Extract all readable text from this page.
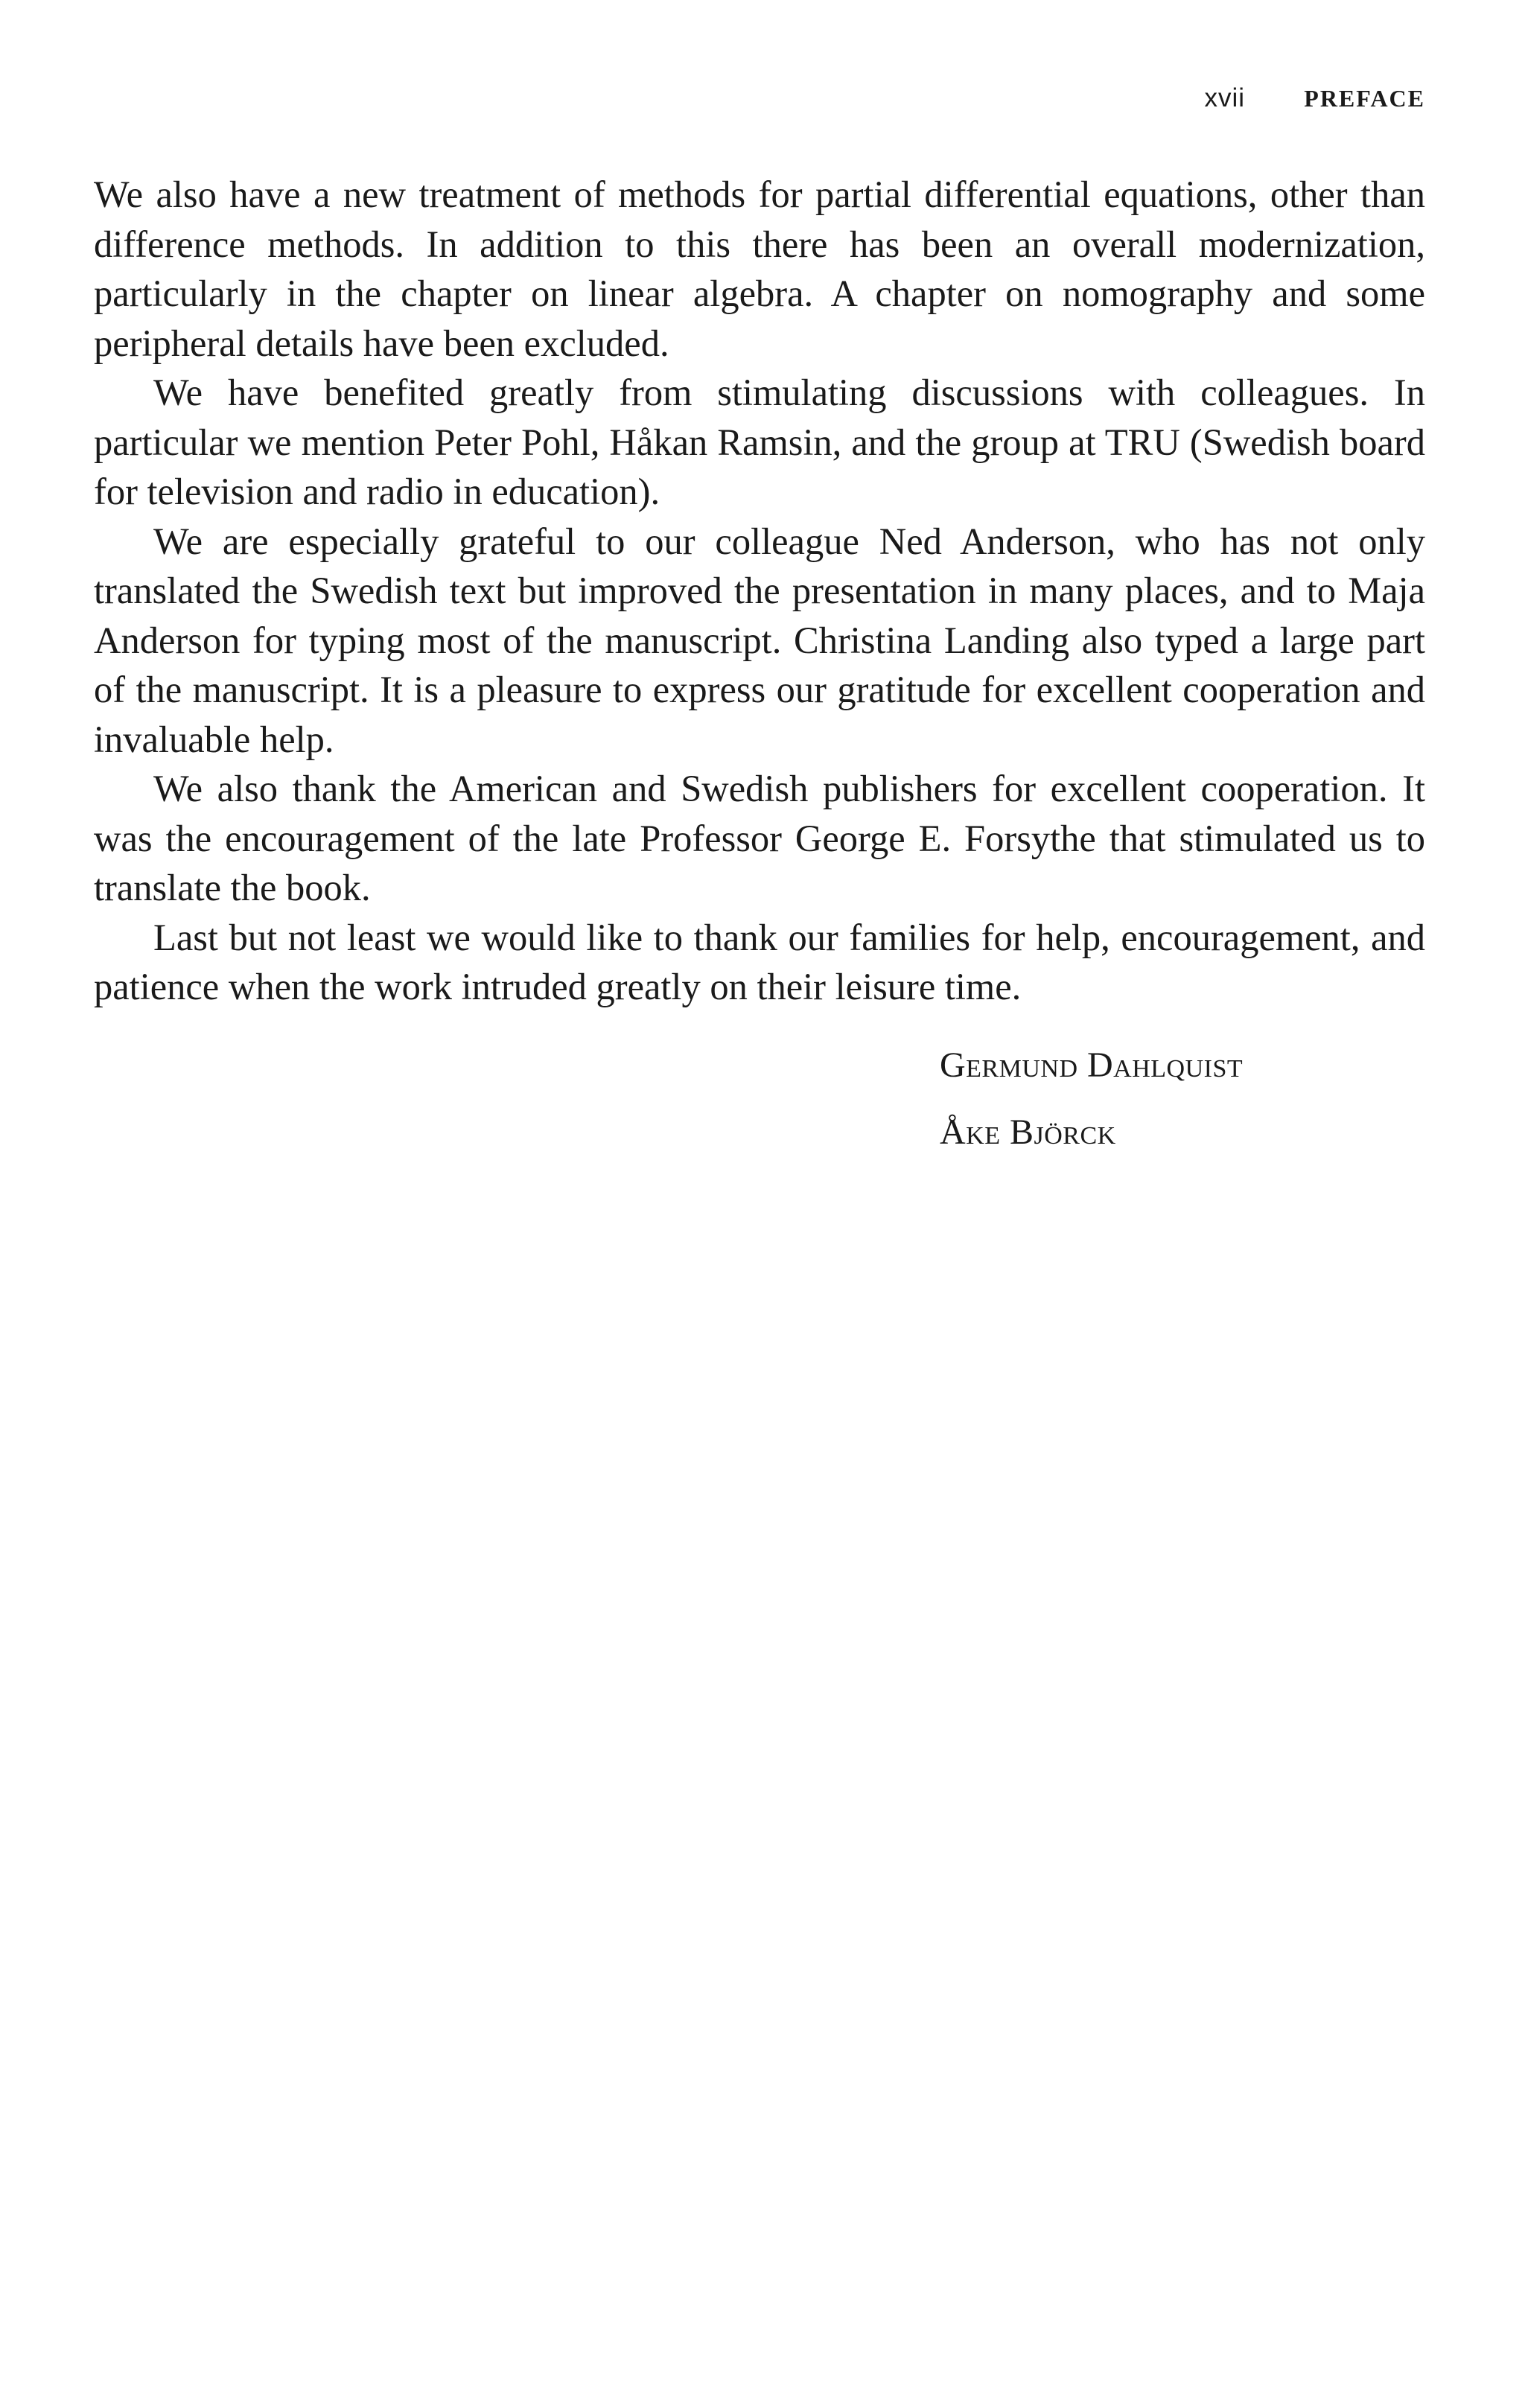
xvii PREFACE

We also have a new treatment of methods for partial differential equations, other than difference methods. In addition to this there has been an overall modernization, particularly in the chapter on linear algebra. A chapter on nomography and some peripheral details have been excluded.

We have benefited greatly from stimulating discussions with colleagues. In particular we mention Peter Pohl, Håkan Ramsin, and the group at TRU (Swedish board for television and radio in education).

We are especially grateful to our colleague Ned Anderson, who has not only translated the Swedish text but improved the presentation in many places, and to Maja Anderson for typing most of the manuscript. Christina Landing also typed a large part of the manuscript. It is a pleasure to express our gratitude for excellent cooperation and invaluable help.

We also thank the American and Swedish publishers for excellent cooperation. It was the encouragement of the late Professor George E. Forsythe that stimulated us to translate the book.

Last but not least we would like to thank our families for help, encouragement, and patience when the work intruded greatly on their leisure time.

Germund Dahlquist
Åke Björck
